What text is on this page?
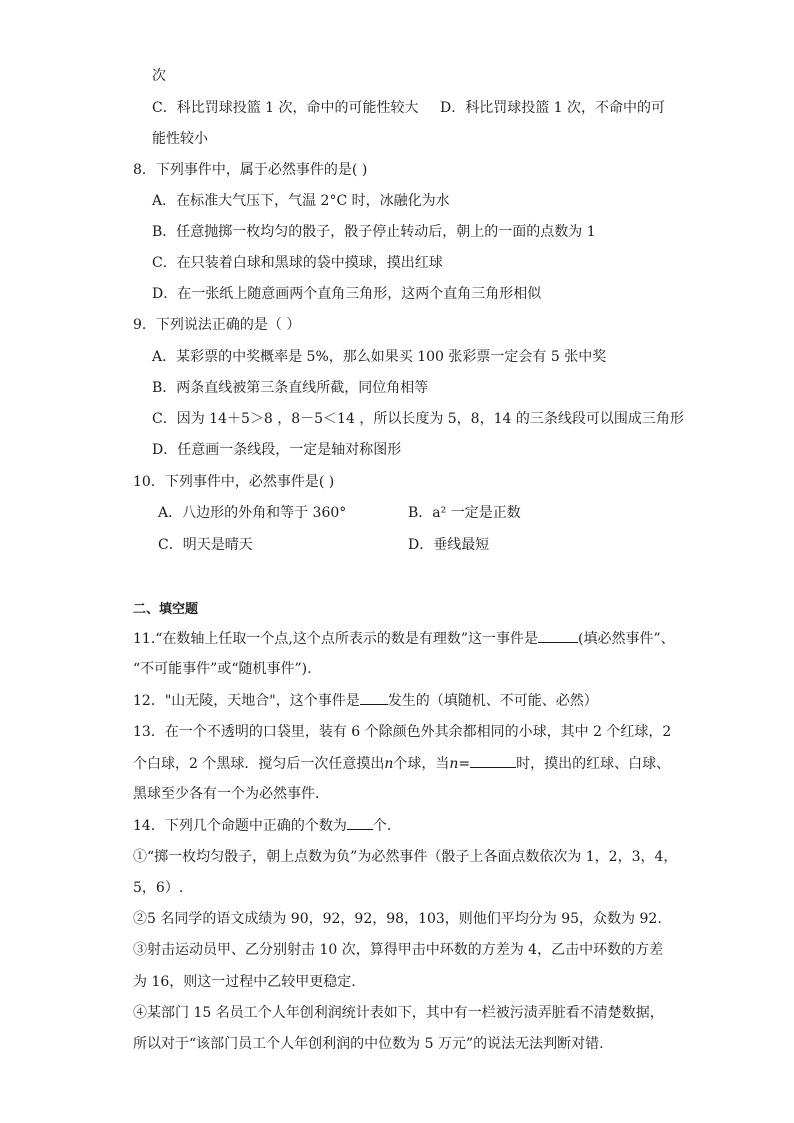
次
C．科比罚球投篮 1 次，命中的可能性较大 D．科比罚球投篮 1 次，不命中的可
能性较小
8．下列事件中，属于必然事件的是( )
A．在标准大气压下，气温 2°C 时，冰融化为水
B．任意抛掷一枚均匀的骰子，骰子停止转动后，朝上的一面的点数为 1
C．在只装着白球和黑球的袋中摸球，摸出红球
D．在一张纸上随意画两个直角三角形，这两个直角三角形相似
9．下列说法正确的是（ ）
A．某彩票的中奖概率是 5%，那么如果买 100 张彩票一定会有 5 张中奖
B．两条直线被第三条直线所截，同位角相等
C．因为 14＋5＞8 ，8－5＜14 ，所以长度为 5，8，14 的三条线段可以围成三角形
D．任意画一条线段，一定是轴对称图形
10．下列事件中，必然事件是( )
A．八边形的外角和等于 360°	B．a² 一定是正数
C．明天是晴天	D．垂线最短
二、填空题
11.“在数轴上任取一个点,这个点所表示的数是有理数”这一事件是	(填必然事件”、
“不可能事件”或“随机事件”).
12．"山无陵，天地合"，这个事件是 发生的（填随机、不可能、必然）
13．在一个不透明的口袋里，装有 6 个除颜色外其余都相同的小球，其中 2 个红球，2
个白球，2 个黑球．搅匀后一次任意摸出n个球，当n=	时，摸出的红球、白球、
黑球至少各有一个为必然事件．
14．下列几个命题中正确的个数为 个．
①“掷一枚均匀骰子，朝上点数为负”为必然事件（骰子上各面点数依次为 1，2，3，4，
5，6）.
②5 名同学的语文成绩为 90，92，92，98，103，则他们平均分为 95，众数为 92.
③射击运动员甲、乙分别射击 10 次，算得甲击中环数的方差为 4，乙击中环数的方差
为 16，则这一过程中乙较甲更稳定.
④某部门 15 名员工个人年创利润统计表如下，其中有一栏被污渍弄脏看不清楚数据，
所以对于“该部门员工个人年创利润的中位数为 5 万元”的说法无法判断对错.
